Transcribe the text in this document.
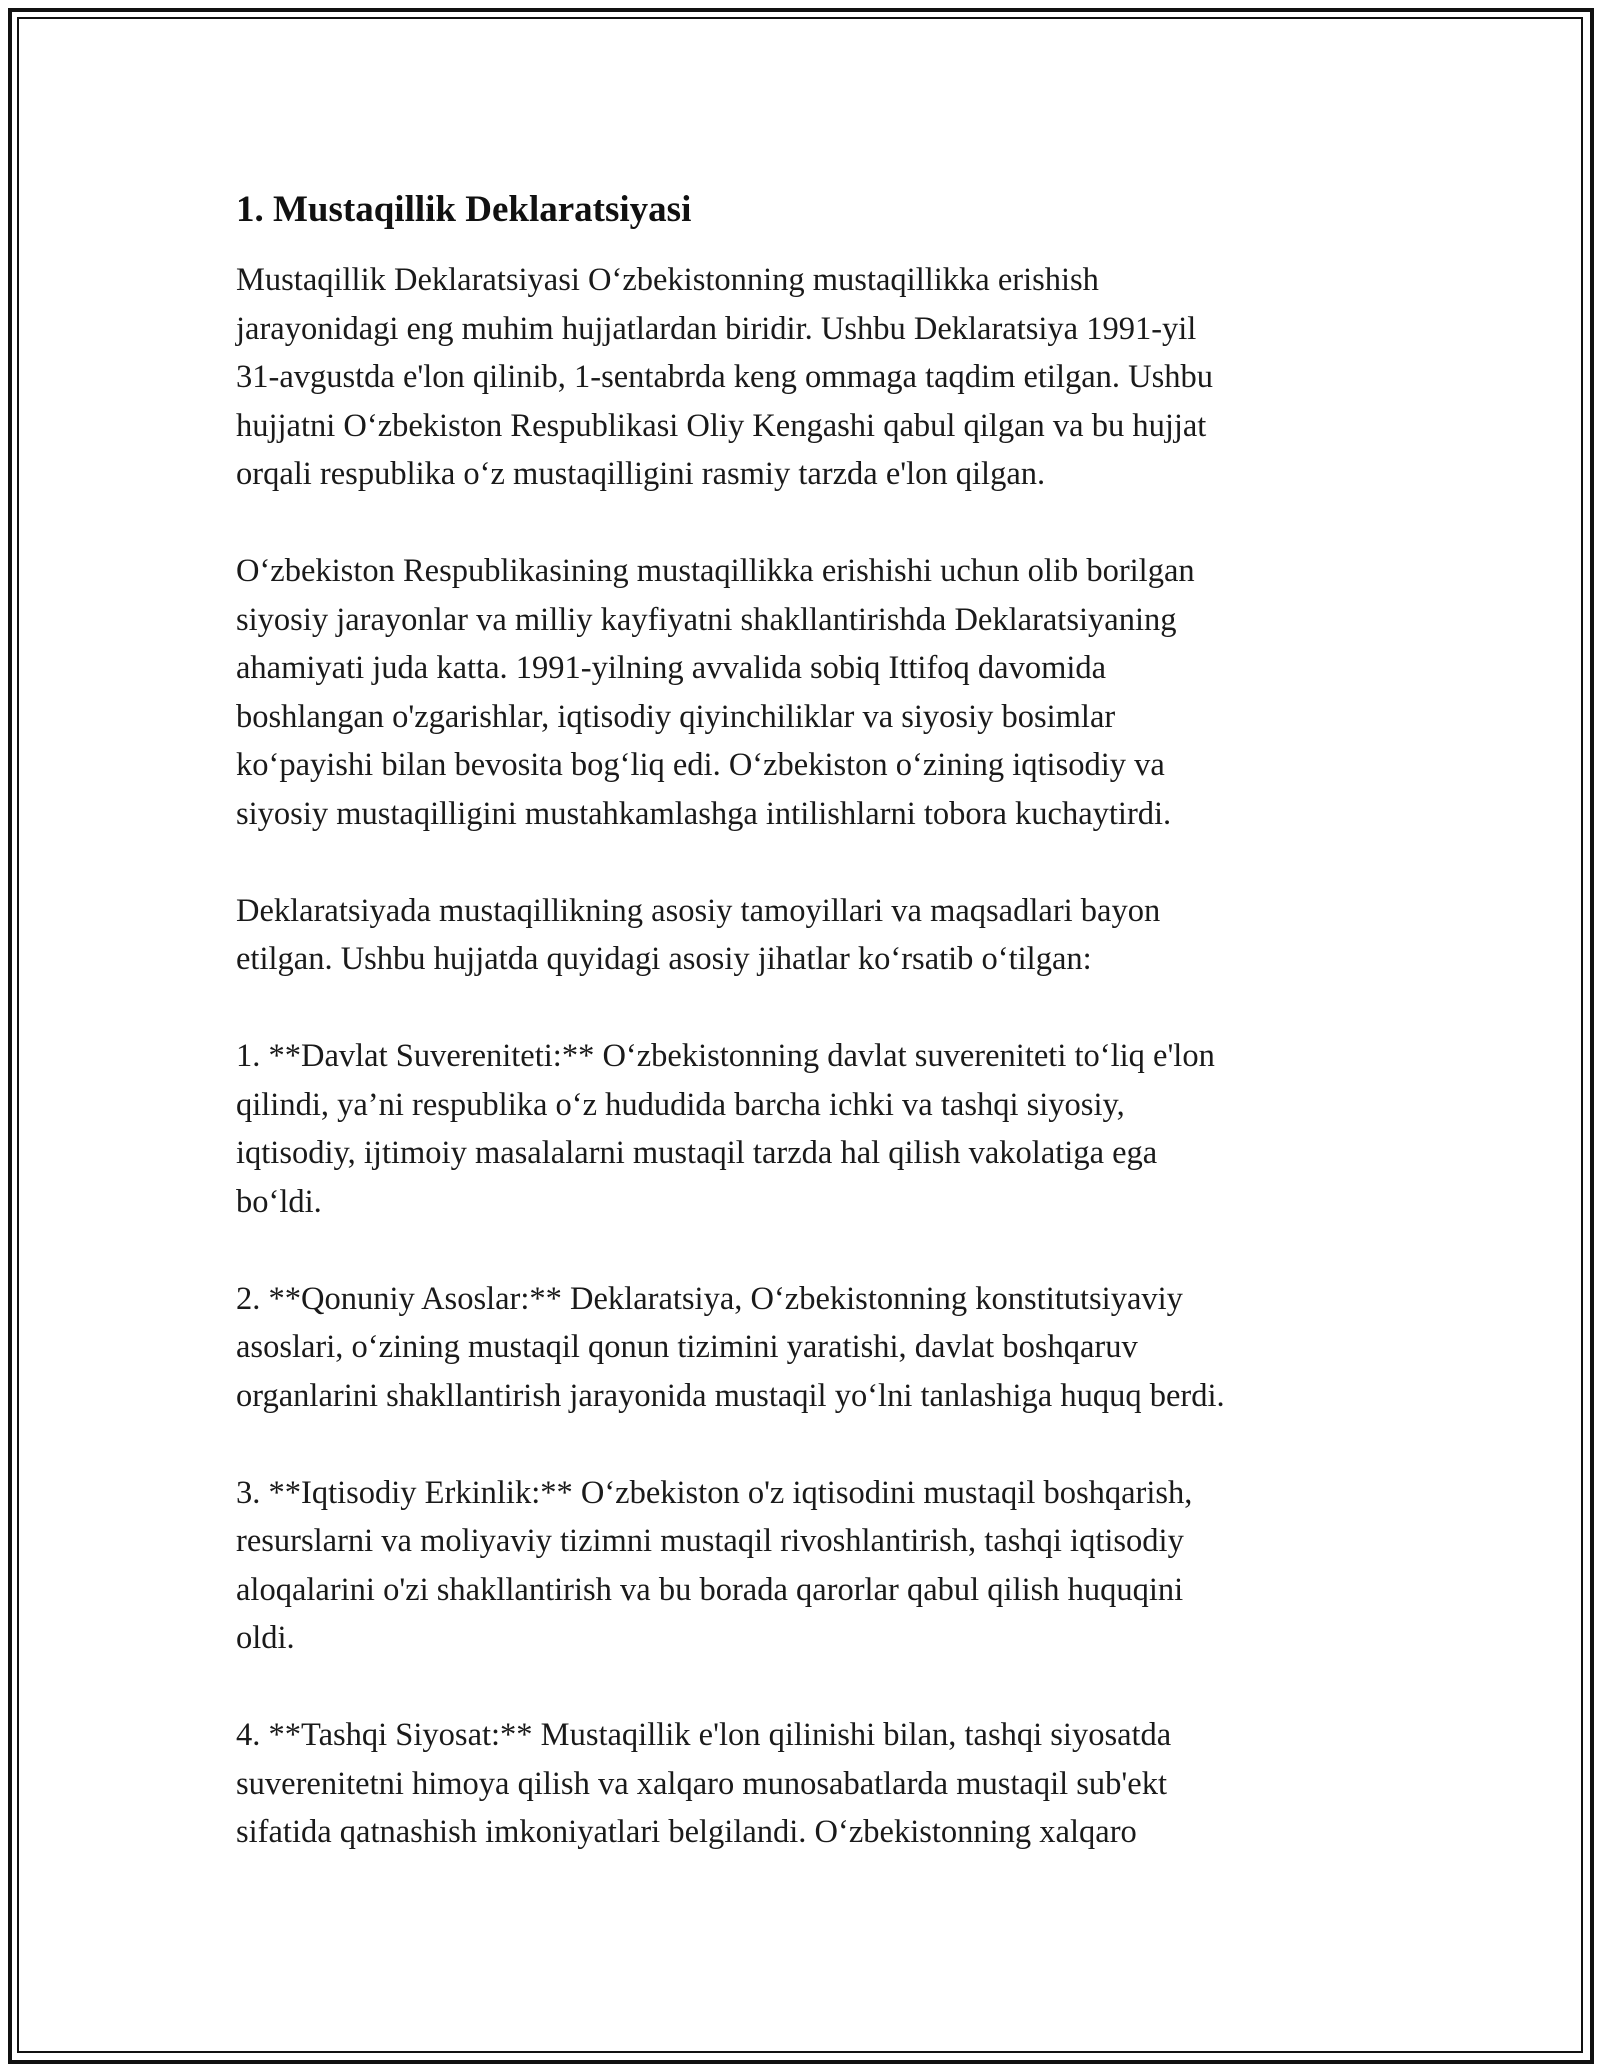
1. Mustaqillik Deklaratsiyasi
Mustaqillik Deklaratsiyasi O‘zbekistonning mustaqillikka erishish
jarayonidagi eng muhim hujjatlardan biridir. Ushbu Deklaratsiya 1991-yil
31-avgustda e'lon qilinib, 1-sentabrda keng ommaga taqdim etilgan. Ushbu
hujjatni O‘zbekiston Respublikasi Oliy Kengashi qabul qilgan va bu hujjat
orqali respublika o‘z mustaqilligini rasmiy tarzda e'lon qilgan.
O‘zbekiston Respublikasining mustaqillikka erishishi uchun olib borilgan
siyosiy jarayonlar va milliy kayfiyatni shakllantirishda Deklaratsiyaning
ahamiyati juda katta. 1991-yilning avvalida sobiq Ittifoq davomida
boshlangan o'zgarishlar, iqtisodiy qiyinchiliklar va siyosiy bosimlar
ko‘payishi bilan bevosita bog‘liq edi. O‘zbekiston o‘zining iqtisodiy va
siyosiy mustaqilligini mustahkamlashga intilishlarni tobora kuchaytirdi.
Deklaratsiyada mustaqillikning asosiy tamoyillari va maqsadlari bayon
etilgan. Ushbu hujjatda quyidagi asosiy jihatlar ko‘rsatib o‘tilgan:
1. **Davlat Suvereniteti:** O‘zbekistonning davlat suvereniteti to‘liq e'lon
qilindi, ya’ni respublika o‘z hududida barcha ichki va tashqi siyosiy,
iqtisodiy, ijtimoiy masalalarni mustaqil tarzda hal qilish vakolatiga ega
bo‘ldi.
2. **Qonuniy Asoslar:** Deklaratsiya, O‘zbekistonning konstitutsiyaviy
asoslari, o‘zining mustaqil qonun tizimini yaratishi, davlat boshqaruv
organlarini shakllantirish jarayonida mustaqil yo‘lni tanlashiga huquq berdi.
3. **Iqtisodiy Erkinlik:** O‘zbekiston o'z iqtisodini mustaqil boshqarish,
resurslarni va moliyaviy tizimni mustaqil rivoshlantirish, tashqi iqtisodiy
aloqalarini o'zi shakllantirish va bu borada qarorlar qabul qilish huquqini
oldi.
4. **Tashqi Siyosat:** Mustaqillik e'lon qilinishi bilan, tashqi siyosatda
suverenitetni himoya qilish va xalqaro munosabatlarda mustaqil sub'ekt
sifatida qatnashish imkoniyatlari belgilandi. O‘zbekistonning xalqaro
